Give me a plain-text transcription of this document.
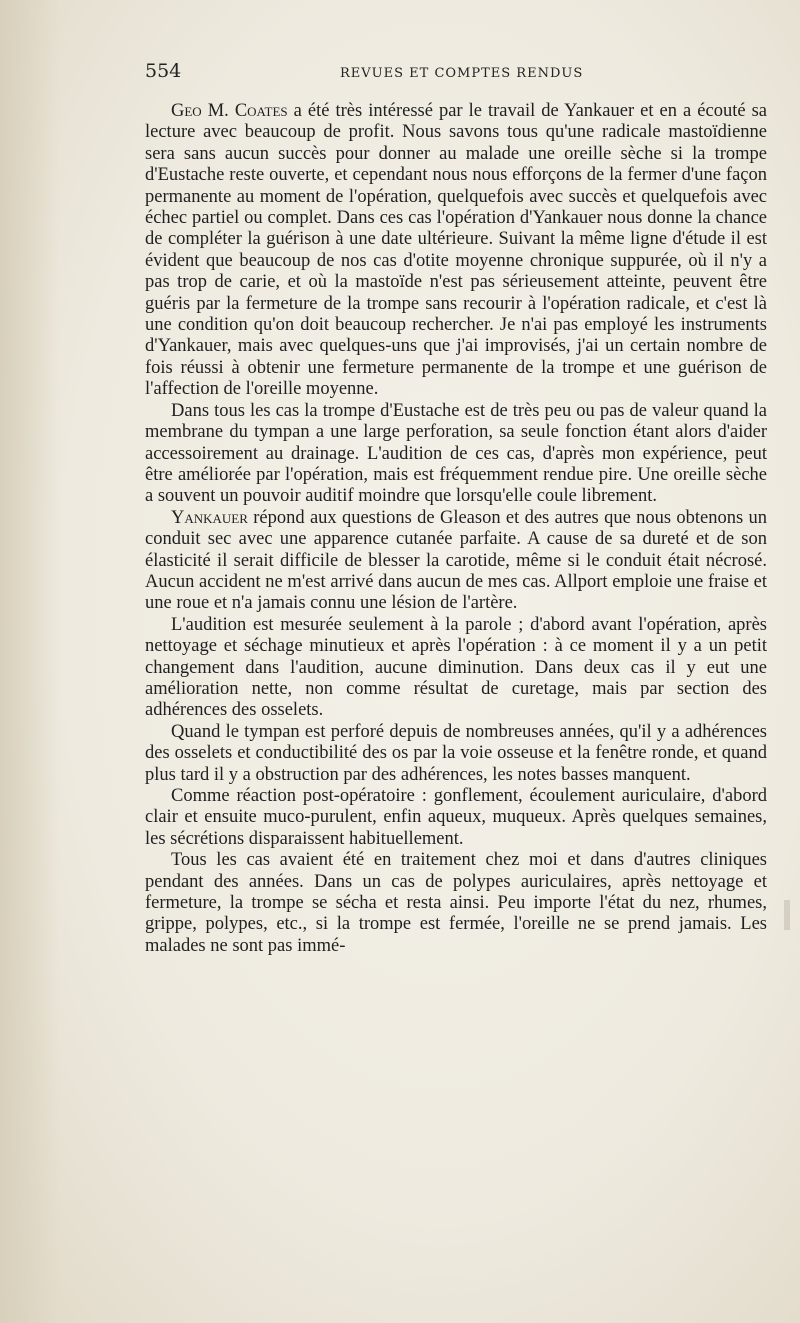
554	REVUES ET COMPTES RENDUS

Geo M. Coates a été très intéressé par le travail de Yankauer et en a écouté sa lecture avec beaucoup de profit. Nous savons tous qu'une radicale mastoïdienne sera sans aucun succès pour donner au malade une oreille sèche si la trompe d'Eustache reste ouverte, et cependant nous nous efforçons de la fermer d'une façon permanente au moment de l'opération, quelquefois avec succès et quelquefois avec échec partiel ou complet. Dans ces cas l'opération d'Yankauer nous donne la chance de compléter la guérison à une date ultérieure. Suivant la même ligne d'étude il est évident que beaucoup de nos cas d'otite moyenne chronique suppurée, où il n'y a pas trop de carie, et où la mastoïde n'est pas sérieusement atteinte, peuvent être guéris par la fermeture de la trompe sans recourir à l'opération radicale, et c'est là une condition qu'on doit beaucoup rechercher. Je n'ai pas employé les instruments d'Yankauer, mais avec quelques-uns que j'ai improvisés, j'ai un certain nombre de fois réussi à obtenir une fermeture permanente de la trompe et une guérison de l'affection de l'oreille moyenne.

Dans tous les cas la trompe d'Eustache est de très peu ou pas de valeur quand la membrane du tympan a une large perforation, sa seule fonction étant alors d'aider accessoirement au drainage. L'audition de ces cas, d'après mon expérience, peut être améliorée par l'opération, mais est fréquemment rendue pire. Une oreille sèche a souvent un pouvoir auditif moindre que lorsqu'elle coule librement.

Yankauer répond aux questions de Gleason et des autres que nous obtenons un conduit sec avec une apparence cutanée parfaite. A cause de sa dureté et de son élasticité il serait difficile de blesser la carotide, même si le conduit était nécrosé. Aucun accident ne m'est arrivé dans aucun de mes cas. Allport emploie une fraise et une roue et n'a jamais connu une lésion de l'artère.

L'audition est mesurée seulement à la parole ; d'abord avant l'opération, après nettoyage et séchage minutieux et après l'opération : à ce moment il y a un petit changement dans l'audition, aucune diminution. Dans deux cas il y eut une amélioration nette, non comme résultat de curetage, mais par section des adhérences des osselets.

Quand le tympan est perforé depuis de nombreuses années, qu'il y a adhérences des osselets et conductibilité des os par la voie osseuse et la fenêtre ronde, et quand plus tard il y a obstruction par des adhérences, les notes basses manquent.

Comme réaction post-opératoire : gonflement, écoulement auriculaire, d'abord clair et ensuite muco-purulent, enfin aqueux, muqueux. Après quelques semaines, les sécrétions disparaissent habituellement.

Tous les cas avaient été en traitement chez moi et dans d'autres cliniques pendant des années. Dans un cas de polypes auriculaires, après nettoyage et fermeture, la trompe se sécha et resta ainsi. Peu importe l'état du nez, rhumes, grippe, polypes, etc., si la trompe est fermée, l'oreille ne se prend jamais. Les malades ne sont pas immé-
